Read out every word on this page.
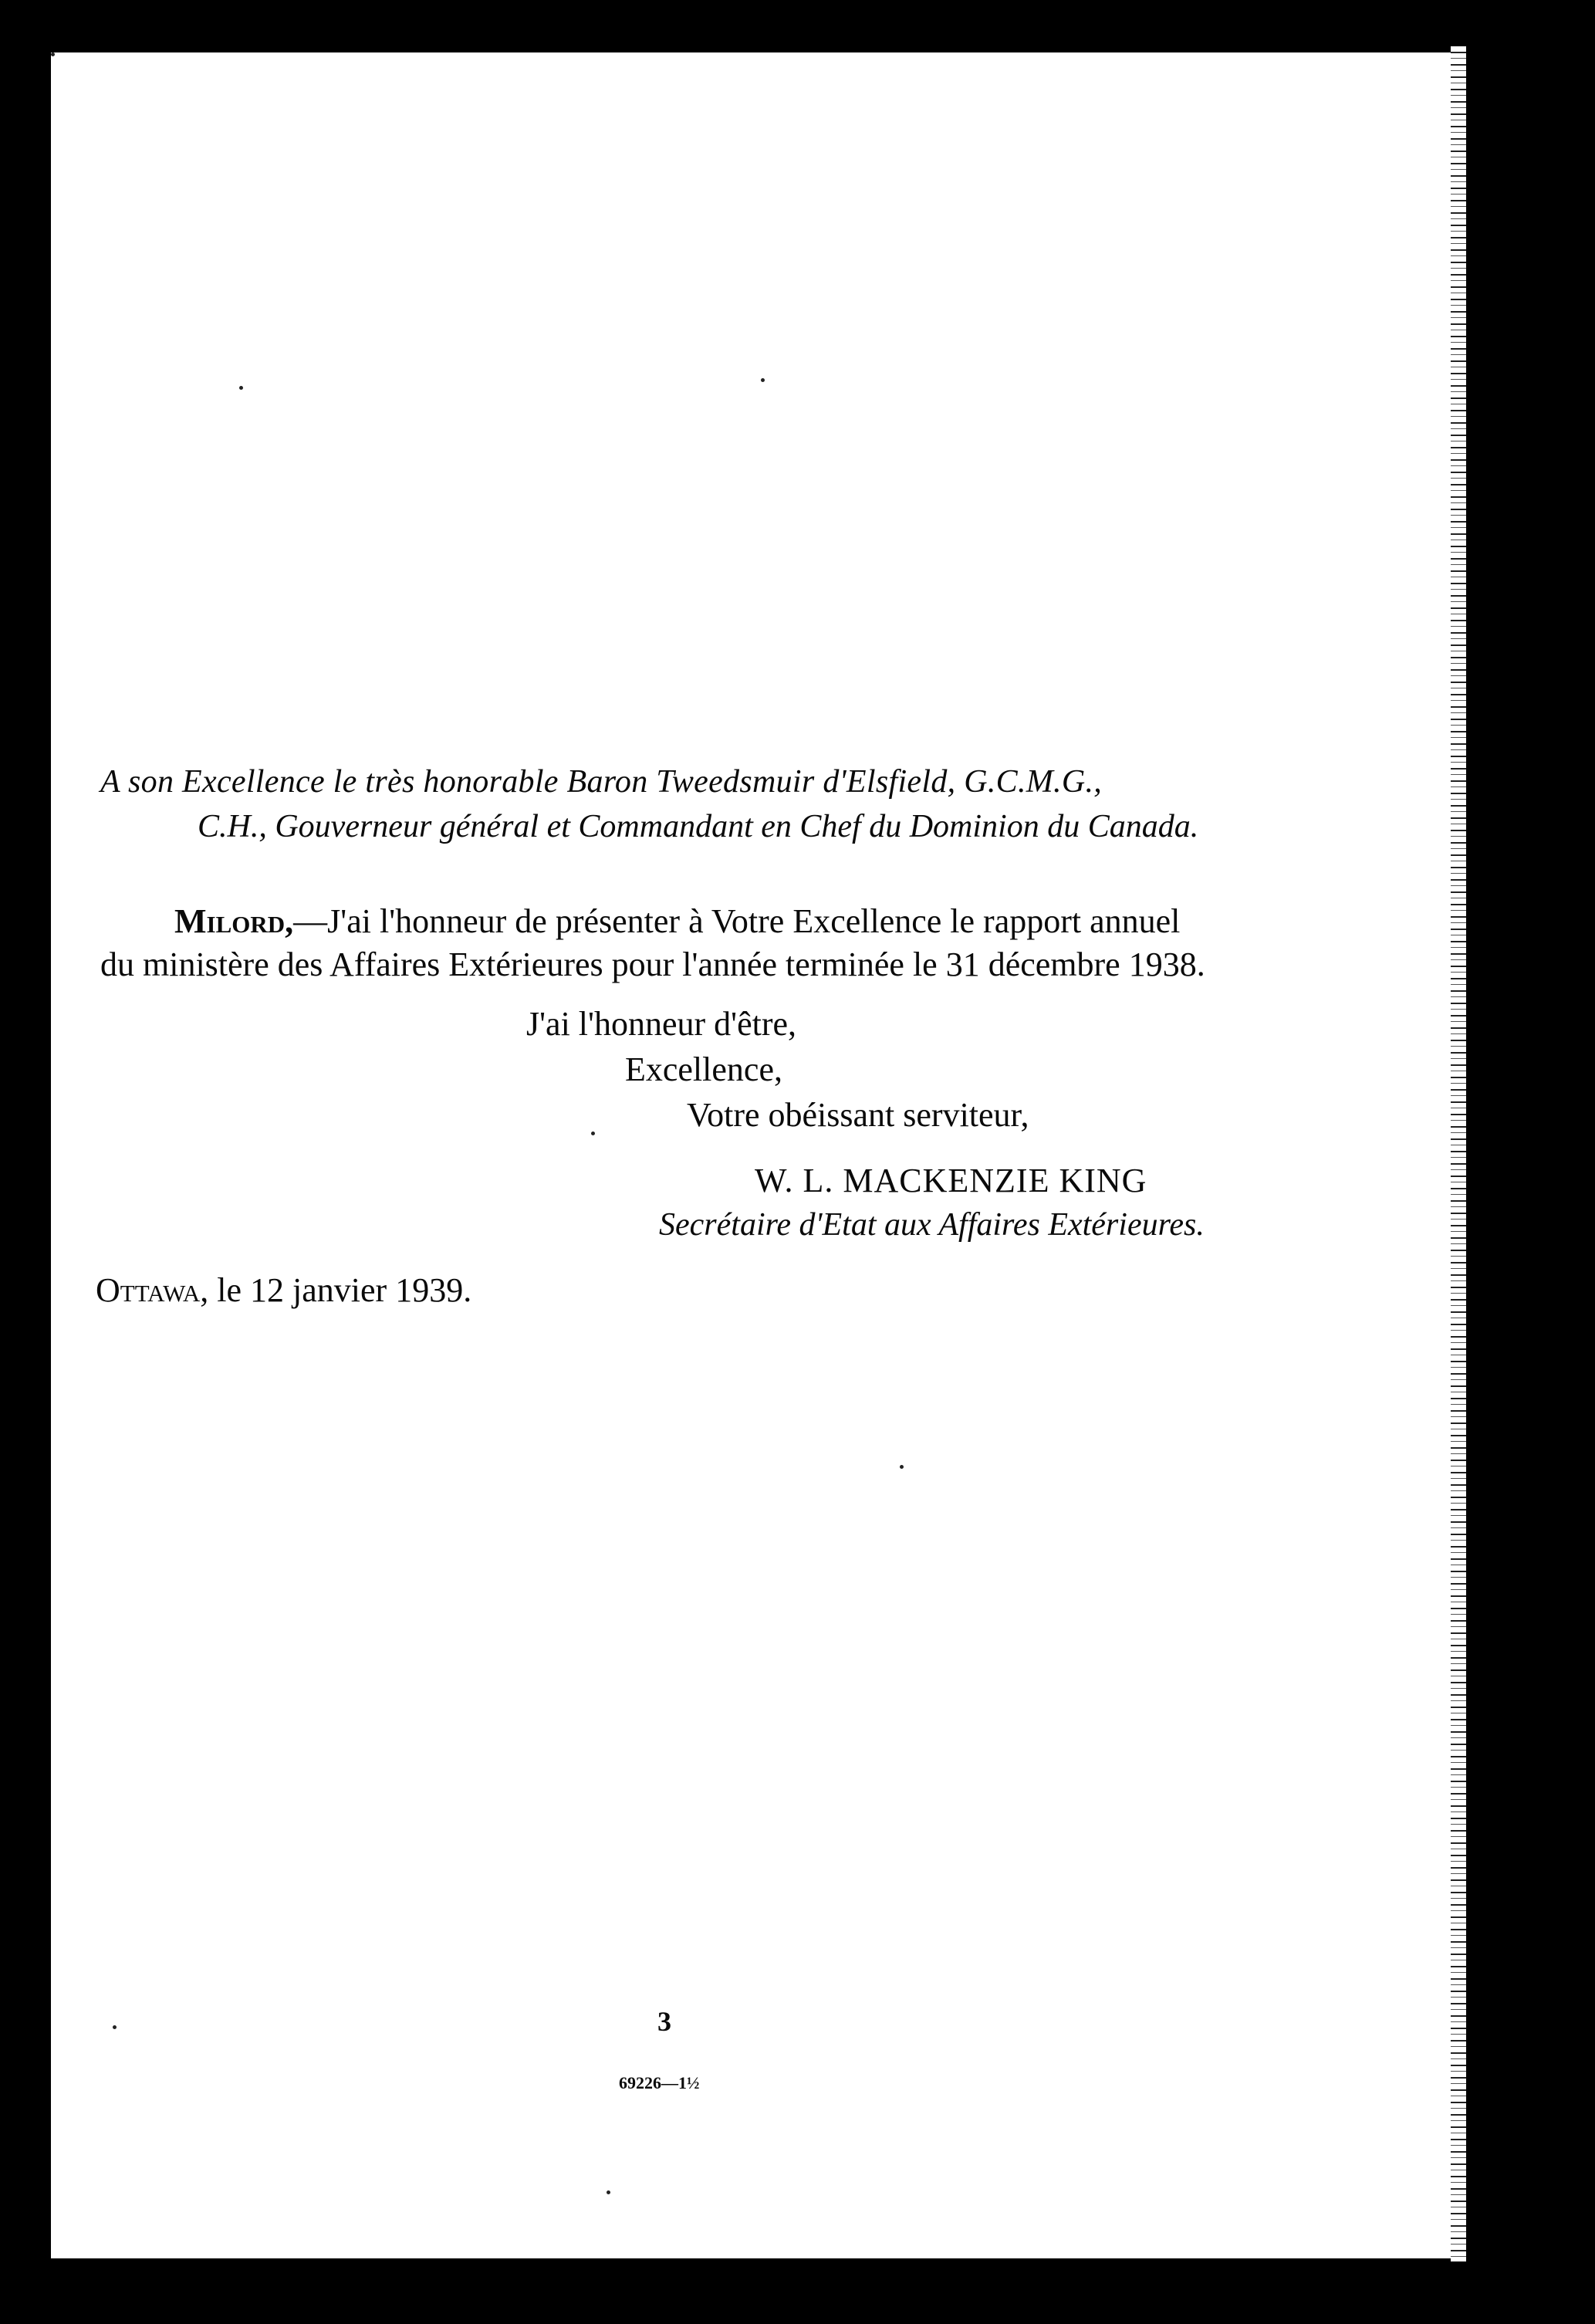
A son Excellence le très honorable Baron Tweedsmuir d'Elsfield, G.C.M.G.,
C.H., Gouverneur général et Commandant en Chef du Dominion du Canada.
Milord,—J'ai l'honneur de présenter à Votre Excellence le rapport annuel
du ministère des Affaires Extérieures pour l'année terminée le 31 décembre 1938.
J'ai l'honneur d'être,
Excellence,
Votre obéissant serviteur,
W. L. MACKENZIE KING
Secrétaire d'Etat aux Affaires Extérieures.
Ottawa, le 12 janvier 1939.
3
69226—1½
